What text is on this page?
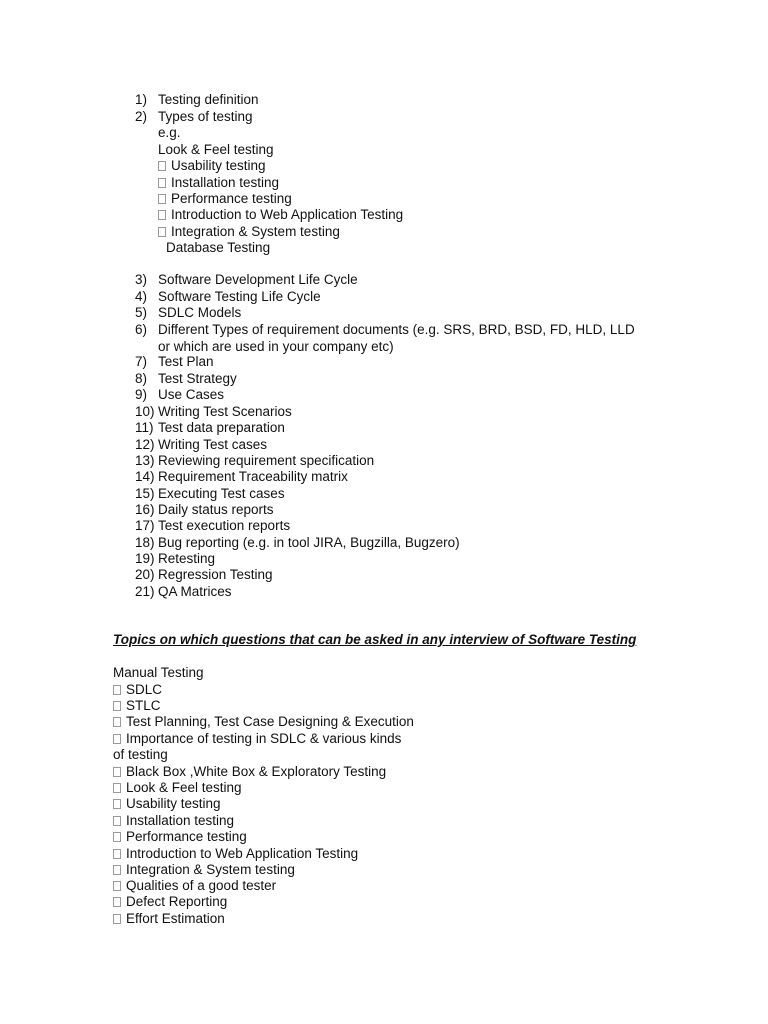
1) Testing definition
2) Types of testing
e.g.
Look & Feel testing
Usability testing
Installation testing
Performance testing
Introduction to Web Application Testing
Integration & System testing
Database Testing
3) Software Development Life Cycle
4) Software Testing Life Cycle
5) SDLC Models
6) Different Types of requirement documents (e.g. SRS, BRD, BSD, FD, HLD, LLD
or which are used in your company etc)
7) Test Plan
8) Test Strategy
9) Use Cases
10) Writing Test Scenarios
11) Test data preparation
12) Writing Test cases
13) Reviewing requirement specification
14) Requirement Traceability matrix
15) Executing Test cases
16) Daily status reports
17) Test execution reports
18) Bug reporting (e.g. in tool JIRA, Bugzilla, Bugzero)
19) Retesting
20) Regression Testing
21) QA Matrices
Topics on which questions that can be asked in any interview of Software Testing
Manual Testing
SDLC
STLC
Test Planning, Test Case Designing & Execution
Importance of testing in SDLC & various kinds
of testing
Black Box ,White Box & Exploratory Testing
Look & Feel testing
Usability testing
Installation testing
Performance testing
Introduction to Web Application Testing
Integration & System testing
Qualities of a good tester
Defect Reporting
Effort Estimation
